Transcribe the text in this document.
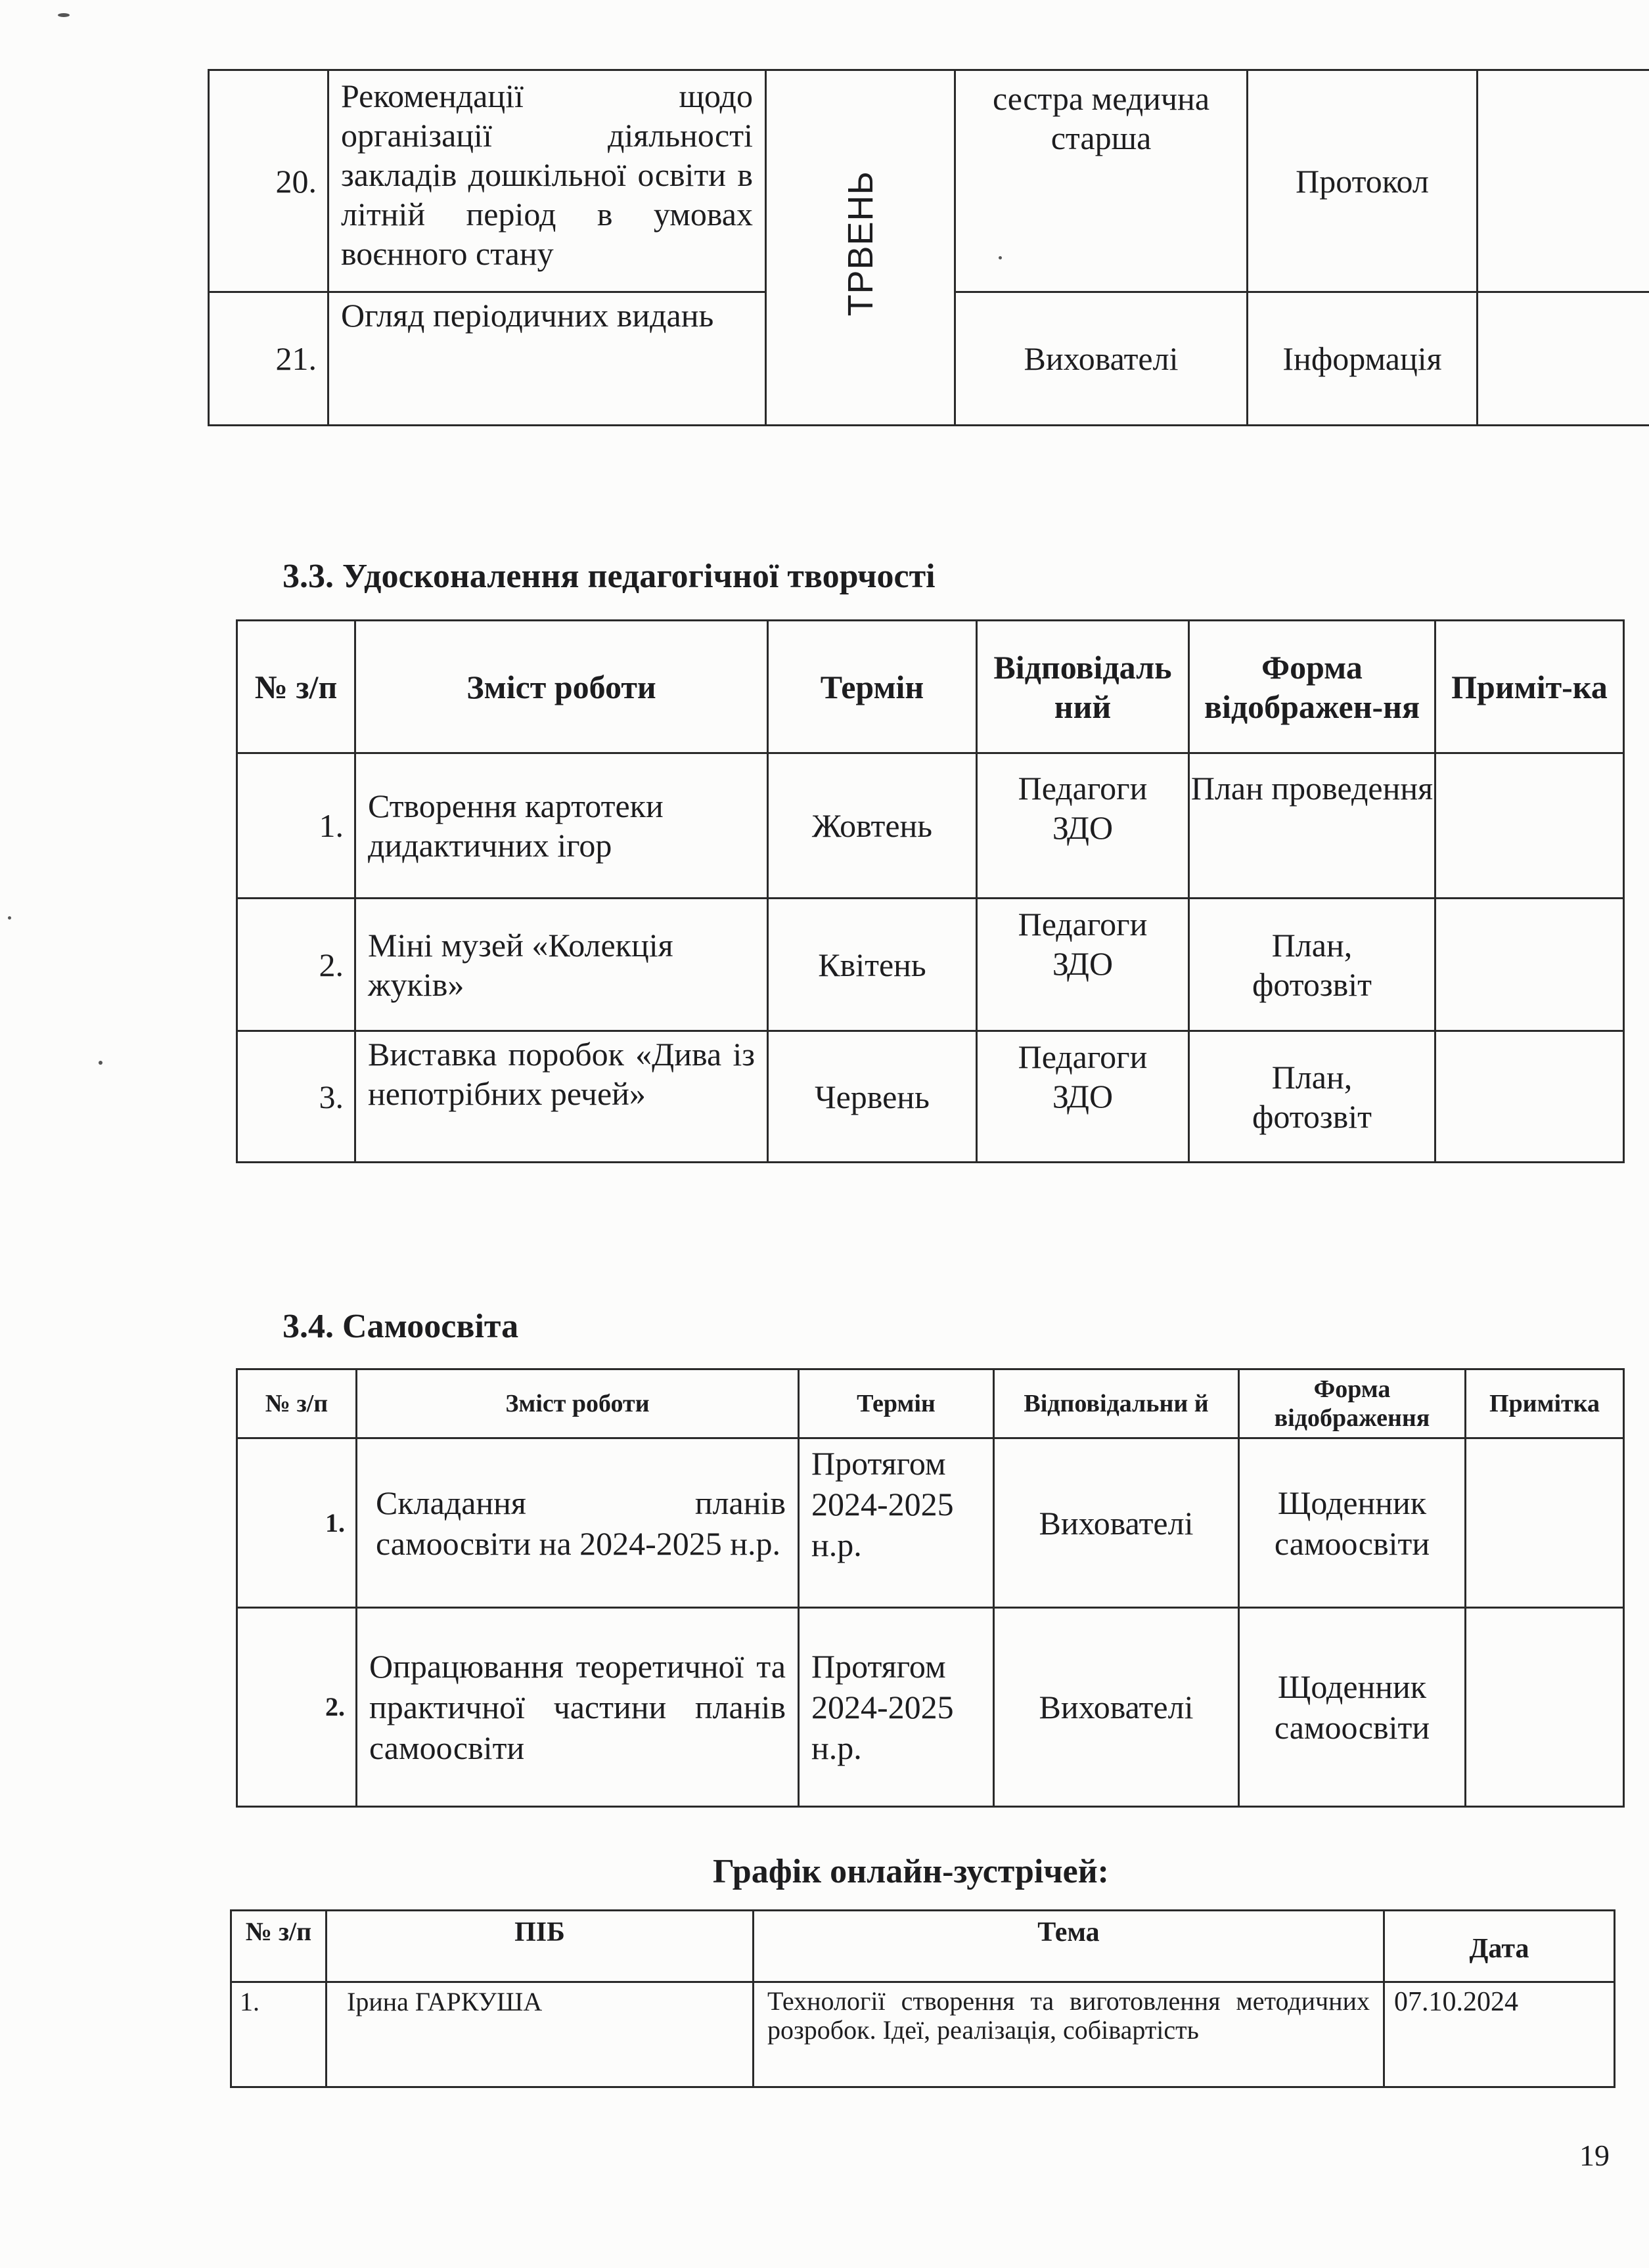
20.	Рекомендації щодо організації діяльності закладів дошкільної освіти в літній період в умовах воєнного стану	ТРВЕНЬ	сестра медична старша	Протокол	
21.	Огляд періодичних видань		Вихователі	Інформація	
3.3. Удосконалення педагогічної творчості
№ з/п	Зміст роботи	Термін	Відповідаль ний	Форма відображен-ня	Приміт-ка
1.	Створення картотеки дидактичних ігор	Жовтень	Педагоги ЗДО	План проведення	
2.	Міні музей «Колекція жуків»	Квітень	Педагоги ЗДО	План, фотозвіт	
3.	Виставка поробок «Дива із непотрібних речей»	Червень	Педагоги ЗДО	План, фотозвіт	
3.4. Самоосвіта
№ з/п	Зміст роботи	Термін	Відповідальни й	Форма відображення	Примітка
1.	Складання планів самоосвіти на 2024-2025 н.р.	Протягом 2024-2025 н.р.	Вихователі	Щоденник самоосвіти	
2.	Опрацювання теоретичної та практичної частини планів самоосвіти	Протягом 2024-2025 н.р.	Вихователі	Щоденник самоосвіти	
Графік онлайн-зустрічей:
№ з/п	ПІБ	Тема	Дата
1.	Ірина ГАРКУША	Технології створення та виготовлення методичних розробок. Ідеї, реалізація, собівартість	07.10.2024
19
